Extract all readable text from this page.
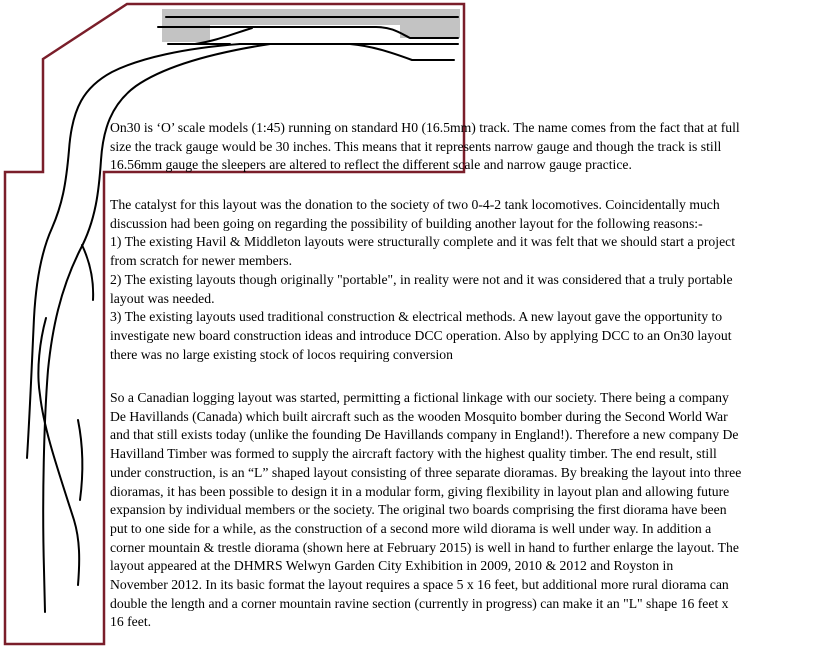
On30 is ‘O’ scale models (1:45) running on standard H0 (16.5mm) track. The name comes from the fact that at full
size the track gauge would be 30 inches. This means that it represents narrow gauge and though the track is still
16.56mm gauge the sleepers are altered to reflect the different scale and narrow gauge practice.

The catalyst for this layout was the donation to the society of two 0-4-2 tank locomotives. Coincidentally much
discussion had been going on regarding the possibility of building another layout for the following reasons:-
1) The existing Havil & Middleton layouts were structurally complete and it was felt that we should start a project
from scratch for newer members.
2) The existing layouts though originally "portable", in reality were not and it was considered that a truly portable
layout was needed.
3) The existing layouts used traditional construction & electrical methods. A new layout gave the opportunity to
investigate new board construction ideas and introduce DCC operation. Also by applying DCC to an On30 layout
there was no large existing stock of locos requiring conversion

So a Canadian logging layout was started, permitting a fictional linkage with our society. There being a company
De Havillands (Canada) which built aircraft such as the wooden Mosquito bomber during the Second World War
and that still exists today (unlike the founding De Havillands company in England!). Therefore a new company De
Havilland Timber was formed to supply the aircraft factory with the highest quality timber. The end result, still
under construction, is an “L” shaped layout consisting of three separate dioramas. By breaking the layout into three
dioramas, it has been possible to design it in a modular form, giving flexibility in layout plan and allowing future
expansion by individual members or the society. The original two boards comprising the first diorama have been
put to one side for a while, as the construction of a second more wild diorama is well under way. In addition a
corner mountain & trestle diorama (shown here at February 2015) is well in hand to further enlarge the layout. The
layout appeared at the DHMRS Welwyn Garden City Exhibition in 2009, 2010 & 2012 and Royston in
November 2012. In its basic format the layout requires a space 5 x 16 feet, but additional more rural diorama can
double the length and a corner mountain ravine section (currently in progress) can make it an "L" shape 16 feet x
16 feet.
